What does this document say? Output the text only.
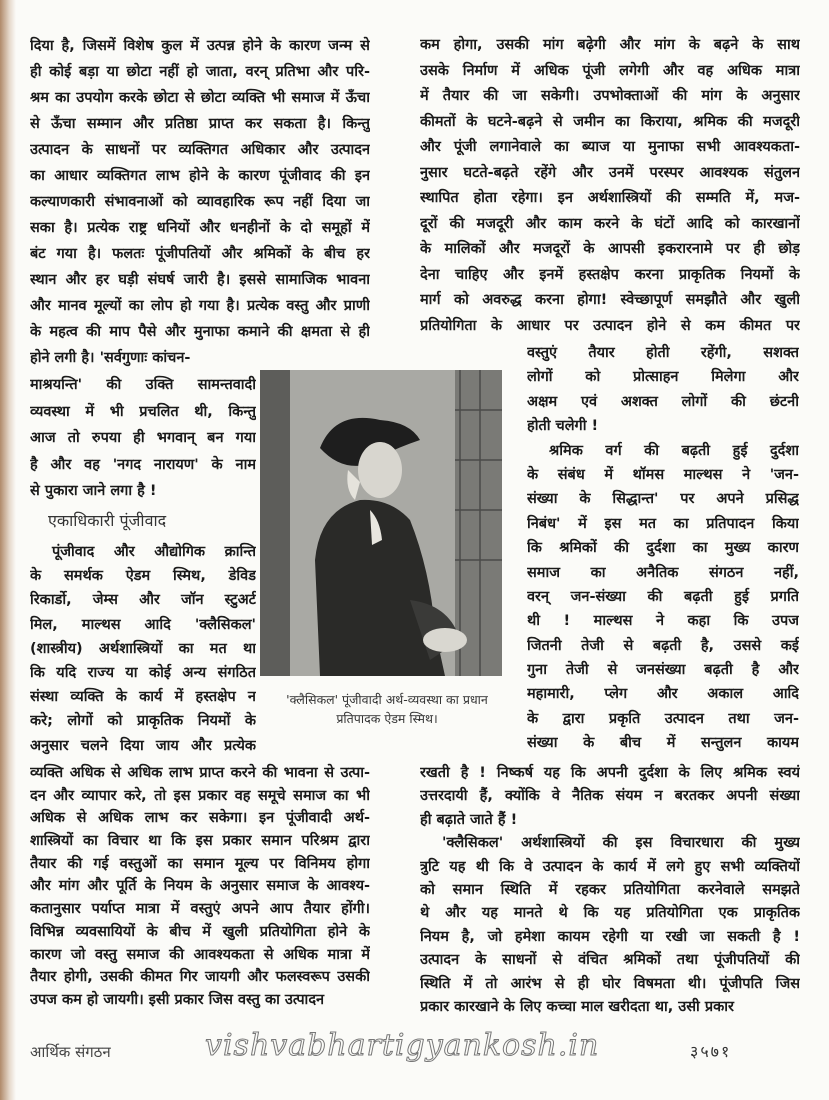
दिया है, जिसमें विशेष कुल में उत्पन्न होने के कारण जन्म से
ही कोई बड़ा या छोटा नहीं हो जाता, वरन् प्रतिभा और परि-
श्रम का उपयोग करके छोटा से छोटा व्यक्ति भी समाज में ऊँचा
से ऊँचा सम्मान और प्रतिष्ठा प्राप्त कर सकता है। किन्तु
उत्पादन के साधनों पर व्यक्तिगत अधिकार और उत्पादन
का आधार व्यक्तिगत लाभ होने के कारण पूंजीवाद की इन
कल्याणकारी संभावनाओं को व्यावहारिक रूप नहीं दिया जा
सका है। प्रत्येक राष्ट्र धनियों और धनहीनों के दो समूहों में
बंट गया है। फलतः पूंजीपतियों और श्रमिकों के बीच हर
स्थान और हर घड़ी संघर्ष जारी है। इससे सामाजिक भावना
और मानव मूल्यों का लोप हो गया है। प्रत्येक वस्तु और प्राणी
के महत्व की माप पैसे और मुनाफा कमाने की क्षमता से ही
होने लगी है। 'सर्वगुणाः कांचन-
माश्रयन्ति' की उक्ति सामन्तवादी
व्यवस्था में भी प्रचलित थी, किन्तु
आज तो रुपया ही भगवान् बन गया
है और वह 'नगद नारायण' के नाम
से पुकारा जाने लगा है !
एकाधिकारी पूंजीवाद
पूंजीवाद और औद्योगिक क्रान्ति
के समर्थक ऐडम स्मिथ, डेविड
रिकार्डो, जेम्स और जॉन स्टुअर्ट
मिल, माल्थस आदि 'क्लैसिकल'
(शास्त्रीय) अर्थशास्त्रियों का मत था
कि यदि राज्य या कोई अन्य संगठित
संस्था व्यक्ति के कार्य में हस्तक्षेप न
करे; लोगों को प्राकृतिक नियमों के
अनुसार चलने दिया जाय और प्रत्येक
व्यक्ति अधिक से अधिक लाभ प्राप्त करने की भावना से उत्पा-
दन और व्यापार करे, तो इस प्रकार वह समूचे समाज का भी
अधिक से अधिक लाभ कर सकेगा। इन पूंजीवादी अर्थ-
शास्त्रियों का विचार था कि इस प्रकार समान परिश्रम द्वारा
तैयार की गई वस्तुओं का समान मूल्य पर विनिमय होगा
और मांग और पूर्ति के नियम के अनुसार समाज के आवश्य-
कतानुसार पर्याप्त मात्रा में वस्तुएं अपने आप तैयार होंगी।
विभिन्न व्यवसायियों के बीच में खुली प्रतियोगिता होने के
कारण जो वस्तु समाज की आवश्यकता से अधिक मात्रा में
तैयार होगी, उसकी कीमत गिर जायगी और फलस्वरूप उसकी
उपज कम हो जायगी। इसी प्रकार जिस वस्तु का उत्पादन
कम होगा, उसकी मांग बढ़ेगी और मांग के बढ़ने के साथ
उसके निर्माण में अधिक पूंजी लगेगी और वह अधिक मात्रा
में तैयार की जा सकेगी। उपभोक्ताओं की मांग के अनुसार
कीमतों के घटने-बढ़ने से जमीन का किराया, श्रमिक की मजदूरी
और पूंजी लगानेवाले का ब्याज या मुनाफा सभी आवश्यकता-
नुसार घटते-बढ़ते रहेंगे और उनमें परस्पर आवश्यक संतुलन
स्थापित होता रहेगा। इन अर्थशास्त्रियों की सम्मति में, मज-
दूरों की मजदूरी और काम करने के घंटों आदि को कारखानों
के मालिकों और मजदूरों के आपसी इकरारनामे पर ही छोड़
देना चाहिए और इनमें हस्तक्षेप करना प्राकृतिक नियमों के
मार्ग को अवरुद्ध करना होगा! स्वेच्छापूर्ण समझौते और खुली
प्रतियोगिता के आधार पर उत्पादन होने से कम कीमत पर
वस्तुएं तैयार होती रहेंगी, सशक्त
लोगों को प्रोत्साहन मिलेगा और
अक्षम एवं अशक्त लोगों की छंटनी
होती चलेगी !
श्रमिक वर्ग की बढ़ती हुई दुर्दशा
के संबंध में थॉमस माल्थस ने 'जन-
संख्या के सिद्धान्त' पर अपने प्रसिद्ध
निबंध' में इस मत का प्रतिपादन किया
कि श्रमिकों की दुर्दशा का मुख्य कारण
समाज का अनैतिक संगठन नहीं,
वरन् जन-संख्या की बढ़ती हुई प्रगति
थी ! माल्थस ने कहा कि उपज
जितनी तेजी से बढ़ती है, उससे कई
गुना तेजी से जनसंख्या बढ़ती है और
महामारी, प्लेग और अकाल आदि
के द्वारा प्रकृति उत्पादन तथा जन-
संख्या के बीच में सन्तुलन कायम
रखती है ! निष्कर्ष यह कि अपनी दुर्दशा के लिए श्रमिक स्वयं
उत्तरदायी हैं, क्योंकि वे नैतिक संयम न बरतकर अपनी संख्या
ही बढ़ाते जाते हैं !
'क्लैसिकल' अर्थशास्त्रियों की इस विचारधारा की मुख्य
त्रुटि यह थी कि वे उत्पादन के कार्य में लगे हुए सभी व्यक्तियों
को समान स्थिति में रहकर प्रतियोगिता करनेवाले समझते
थे और यह मानते थे कि यह प्रतियोगिता एक प्राकृतिक
नियम है, जो हमेशा कायम रहेगी या रखी जा सकती है !
उत्पादन के साधनों से वंचित श्रमिकों तथा पूंजीपतियों की
स्थिति में तो आरंभ से ही घोर विषमता थी। पूंजीपति जिस
प्रकार कारखाने के लिए कच्चा माल खरीदता था, उसी प्रकार
'क्लैसिकल' पूंजीवादी अर्थ-व्यवस्था का प्रधान
प्रतिपादक ऐडम स्मिथ।
आर्थिक संगठन	vishvabhartigyankosh.in	३५७१
